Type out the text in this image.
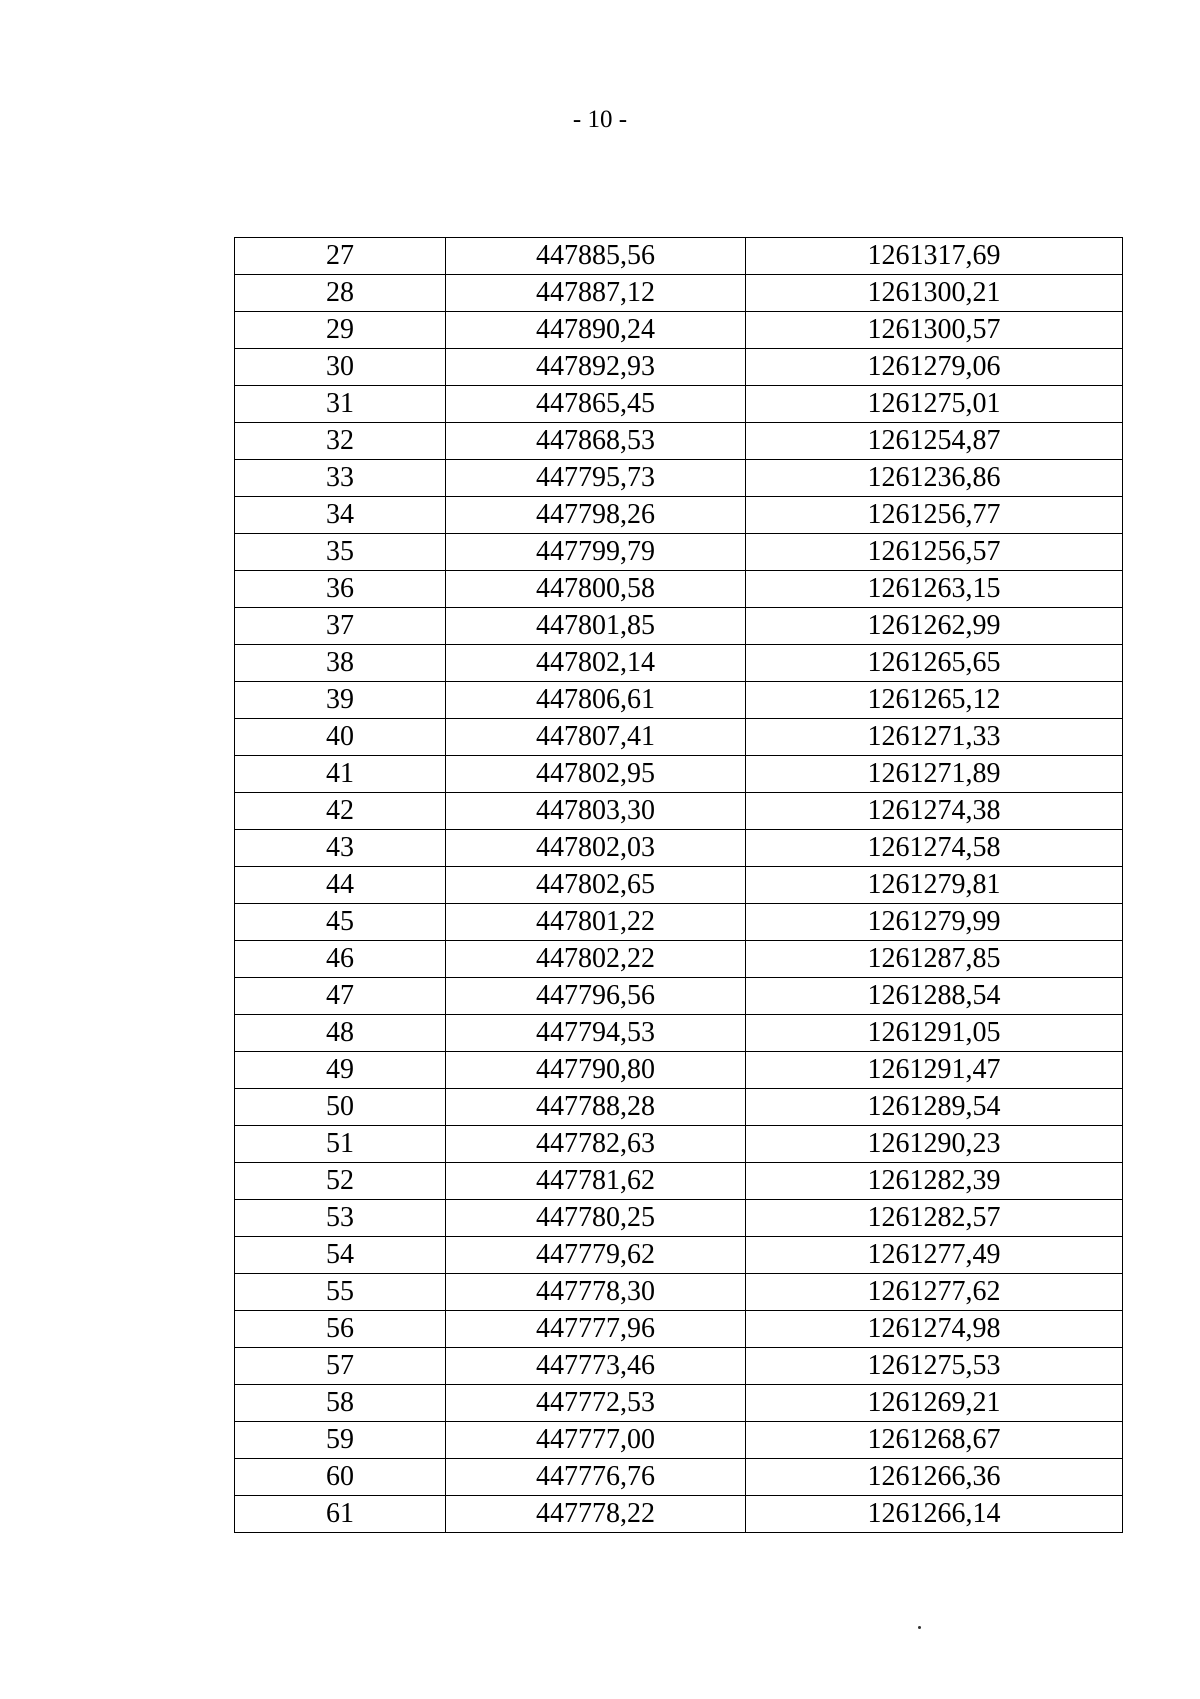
- 10 -
27	447885,56	1261317,69
28	447887,12	1261300,21
29	447890,24	1261300,57
30	447892,93	1261279,06
31	447865,45	1261275,01
32	447868,53	1261254,87
33	447795,73	1261236,86
34	447798,26	1261256,77
35	447799,79	1261256,57
36	447800,58	1261263,15
37	447801,85	1261262,99
38	447802,14	1261265,65
39	447806,61	1261265,12
40	447807,41	1261271,33
41	447802,95	1261271,89
42	447803,30	1261274,38
43	447802,03	1261274,58
44	447802,65	1261279,81
45	447801,22	1261279,99
46	447802,22	1261287,85
47	447796,56	1261288,54
48	447794,53	1261291,05
49	447790,80	1261291,47
50	447788,28	1261289,54
51	447782,63	1261290,23
52	447781,62	1261282,39
53	447780,25	1261282,57
54	447779,62	1261277,49
55	447778,30	1261277,62
56	447777,96	1261274,98
57	447773,46	1261275,53
58	447772,53	1261269,21
59	447777,00	1261268,67
60	447776,76	1261266,36
61	447778,22	1261266,14
